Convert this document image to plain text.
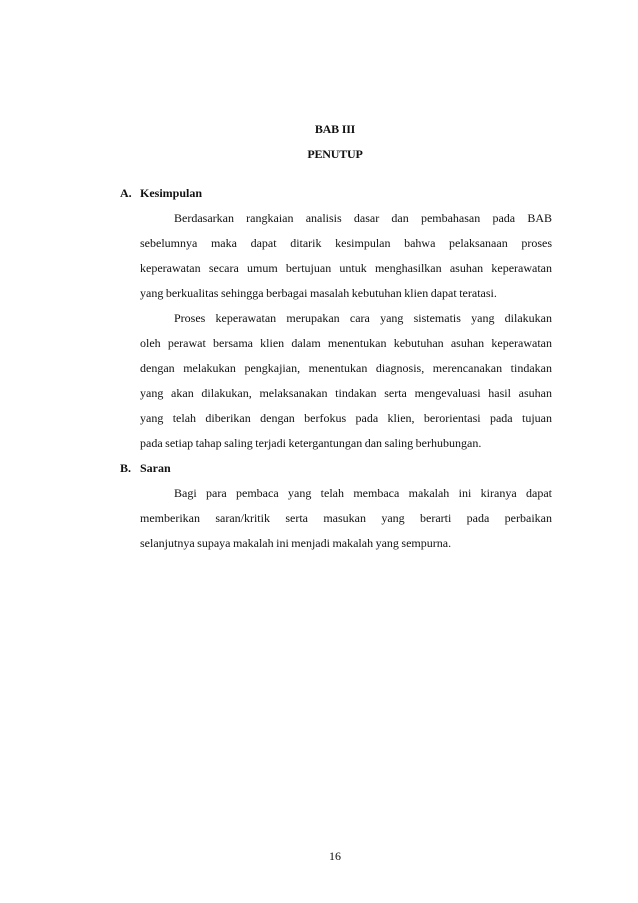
BAB III
PENUTUP
A. Kesimpulan
Berdasarkan rangkaian analisis dasar dan pembahasan pada BAB
sebelumnya maka dapat ditarik kesimpulan bahwa pelaksanaan proses
keperawatan secara umum bertujuan untuk menghasilkan asuhan keperawatan
yang berkualitas sehingga berbagai masalah kebutuhan klien dapat teratasi.
Proses keperawatan merupakan cara yang sistematis yang dilakukan
oleh perawat bersama klien dalam menentukan kebutuhan asuhan keperawatan
dengan melakukan pengkajian, menentukan diagnosis, merencanakan tindakan
yang akan dilakukan, melaksanakan tindakan serta mengevaluasi hasil asuhan
yang telah diberikan dengan berfokus pada klien, berorientasi pada tujuan
pada setiap tahap saling terjadi ketergantungan dan saling berhubungan.
B. Saran
Bagi para pembaca yang telah membaca makalah ini kiranya dapat
memberikan saran/kritik serta masukan yang berarti pada perbaikan
selanjutnya supaya makalah ini menjadi makalah yang sempurna.
16
